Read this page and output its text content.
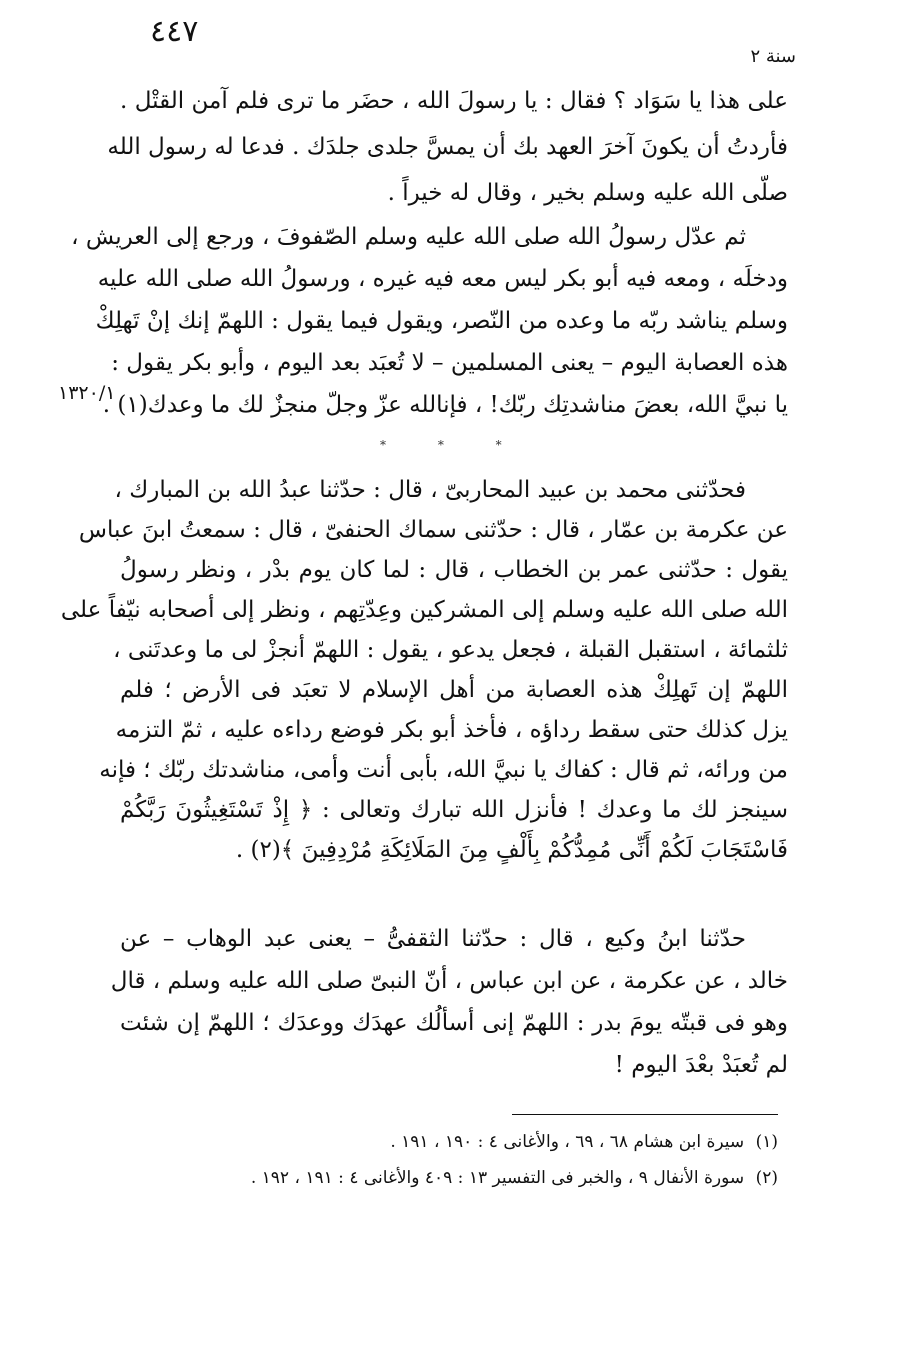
٤٤٧
سنة ٢
على هذا يا سَوَاد ؟ فقال : يا رسولَ الله ، حضَر ما ترى فلم آمن القتْل .
فأردتُ أن يكونَ آخرَ العهد بك أن يمسَّ جلدى جلدَك . فدعا له رسول الله
صلّى الله عليه وسلم بخير ، وقال له خيراً .
ثم عدّل رسولُ الله صلى الله عليه وسلم الصّفوفَ ، ورجع إلى العريش ،
ودخلَه ، ومعه فيه أبو بكر ليس معه فيه غيره ، ورسولُ الله صلى الله عليه
وسلم يناشد ربّه ما وعده من النّصر، ويقول فيما يقول : اللهمّ إنك إنْ تَهلِكْ
هذه العصابة اليوم – يعنى المسلمين – لا تُعبَد بعد اليوم ، وأبو بكر يقول :
يا نبيَّ الله، بعضَ مناشدتِك ربّك! ، فإنالله عزّ وجلّ منجزٌ لك ما وعدك(١) .
١٣٢٠/١
* * *
فحدّثنى محمد بن عبيد المحاربىّ ، قال : حدّثنا عبدُ الله بن المبارك ،
عن عكرمة بن عمّار ، قال : حدّثنى سماك الحنفىّ ، قال : سمعتُ ابنَ عباس
يقول : حدّثنى عمر بن الخطاب ، قال : لما كان يوم بدْر ، ونظر رسولُ
الله صلى الله عليه وسلم إلى المشركين وعِدّتِهم ، ونظر إلى أصحابه نيّفاً على
ثلثمائة ، استقبل القبلة ، فجعل يدعو ، يقول : اللهمّ أنجزْ لى ما وعدتَنى ،
اللهمّ إن تَهلِكْ هذه العصابة من أهل الإسلام لا تعبَد فى الأرض ؛ فلم
يزل كذلك حتى سقط رداؤه ، فأخذ أبو بكر فوضع رداءه عليه ، ثمّ التزمه
من ورائه، ثم قال : كفاك يا نبيَّ الله، بأبى أنت وأمى، مناشدتك ربّك ؛ فإنه
سينجز لك ما وعدك ! فأنزل الله تبارك وتعالى : ﴿ إِذْ تَسْتَغِيثُونَ رَبَّكُمْ
فَاسْتَجَابَ لَكُمْ أَنِّى مُمِدُّكُمْ بِأَلْفٍ مِنَ المَلَائِكَةِ مُرْدِفِينَ ﴾(٢) .
حدّثنا ابنُ وكيع ، قال : حدّثنا الثقفىُّ – يعنى عبد الوهاب – عن
خالد ، عن عكرمة ، عن ابن عباس ، أنّ النبىّ صلى الله عليه وسلم ، قال
وهو فى قبتّه يومَ بدر : اللهمّ إنى أسألُك عهدَك ووعدَك ؛ اللهمّ إن شئت
لم تُعبَدْ بعْدَ اليوم !
(١) سيرة ابن هشام ٦٨ ، ٦٩ ، والأغانى ٤ : ١٩٠ ، ١٩١ .
(٢) سورة الأنفال ٩ ، والخبر فى التفسير ١٣ : ٤٠٩ والأغانى ٤ : ١٩١ ، ١٩٢ .
